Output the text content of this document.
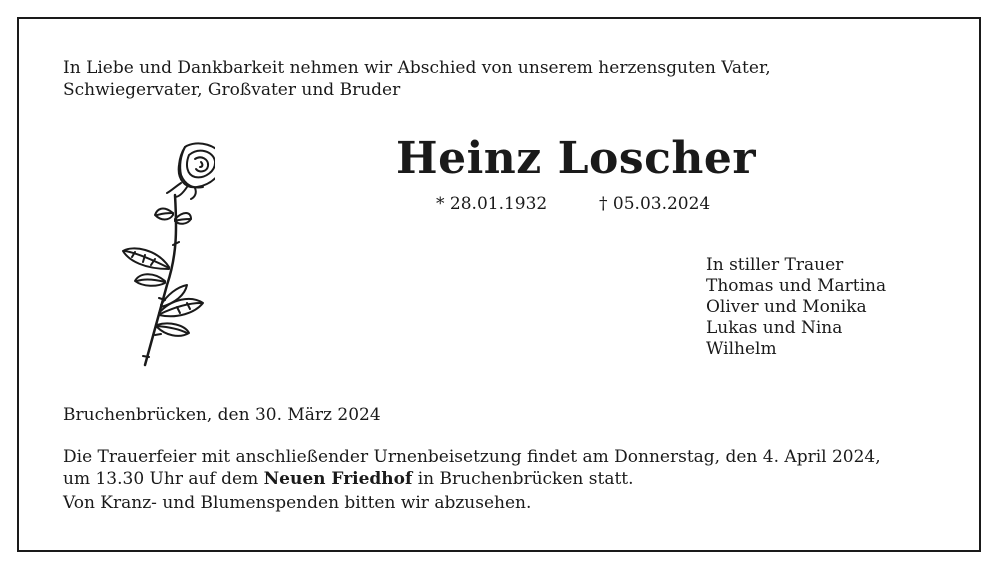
In Liebe und Dankbarkeit nehmen wir Abschied von unserem herzensguten Vater,
Schwiegervater, Großvater und Bruder
Heinz Loscher
* 28.01.1932	† 05.03.2024
In stiller Trauer
Thomas und Martina
Oliver und Monika
Lukas und Nina
Wilhelm
Bruchenbrücken, den 30. März 2024
Die Trauerfeier mit anschließender Urnenbeisetzung findet am Donnerstag, den 4. April 2024,
um 13.30 Uhr auf dem Neuen Friedhof in Bruchenbrücken statt.
Von Kranz- und Blumenspenden bitten wir abzusehen.
